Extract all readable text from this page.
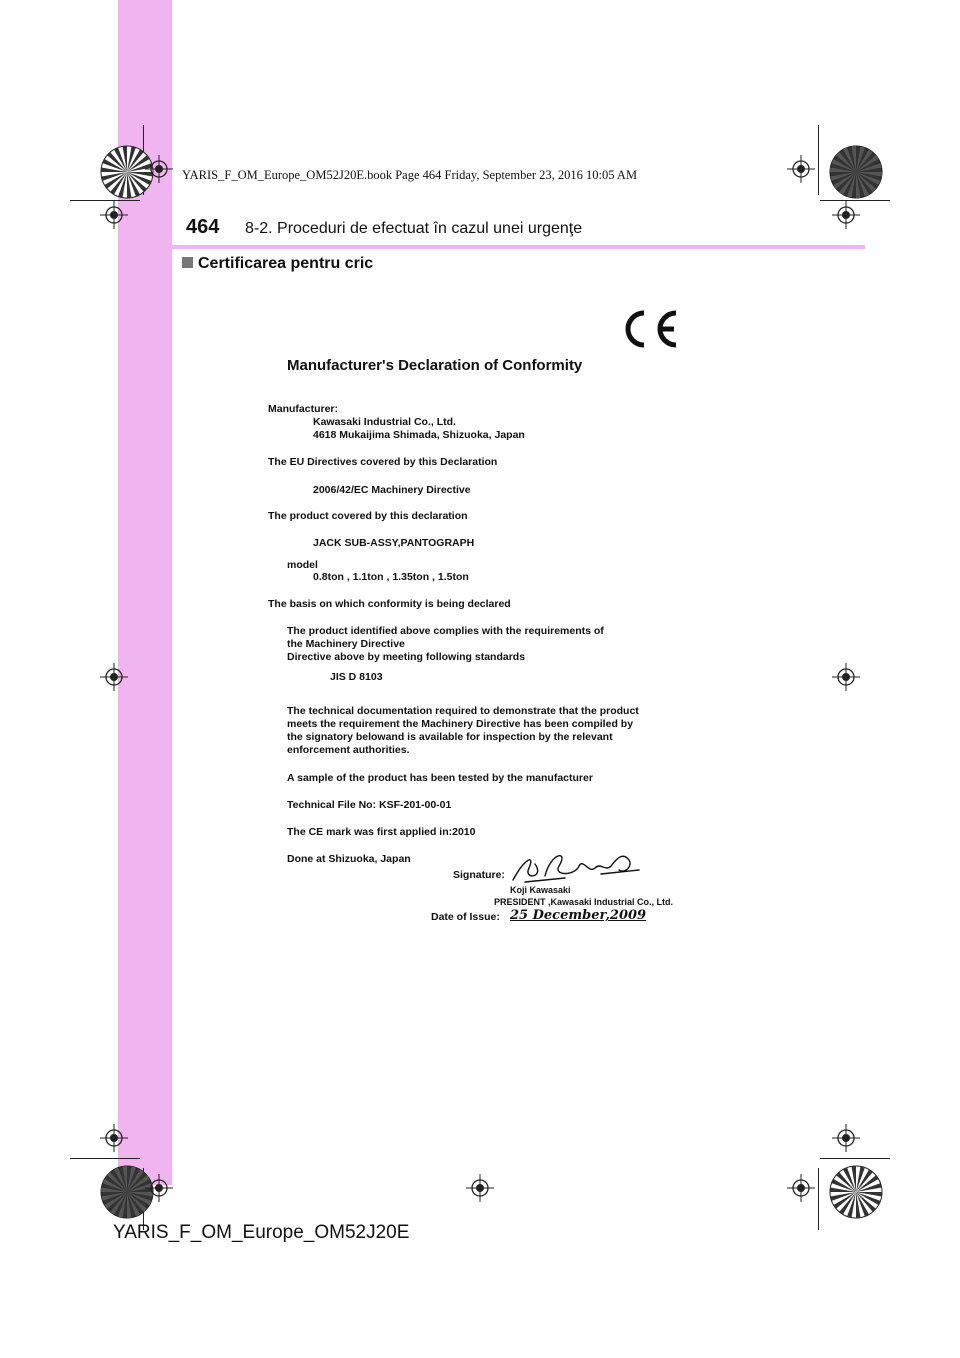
YARIS_F_OM_Europe_OM52J20E.book Page 464 Friday, September 23, 2016 10:05 AM
464 8-2. Proceduri de efectuat în cazul unei urgenţe
Certificarea pentru cric
Manufacturer's Declaration of Conformity
Manufacturer:
Kawasaki Industrial Co., Ltd.
4618 Mukaijima Shimada, Shizuoka, Japan
The EU Directives covered by this Declaration
2006/42/EC Machinery Directive
The product covered by this declaration
JACK SUB-ASSY,PANTOGRAPH
model
0.8ton , 1.1ton , 1.35ton , 1.5ton
The basis on which conformity is being declared
The product identified above complies with the requirements of
the Machinery Directive
Directive above by meeting following standards
JIS D 8103
The technical documentation required to demonstrate that the product
meets the requirement the Machinery Directive has been compiled by
the signatory belowand is available for inspection by the relevant
enforcement authorities.
A sample of the product has been tested by the manufacturer
Technical File No: KSF-201-00-01
The CE mark was first applied in:2010
Done at Shizuoka, Japan
Signature:
Koji Kawasaki
PRESIDENT ,Kawasaki Industrial Co., Ltd.
Date of Issue: 25 December,2009
YARIS_F_OM_Europe_OM52J20E
